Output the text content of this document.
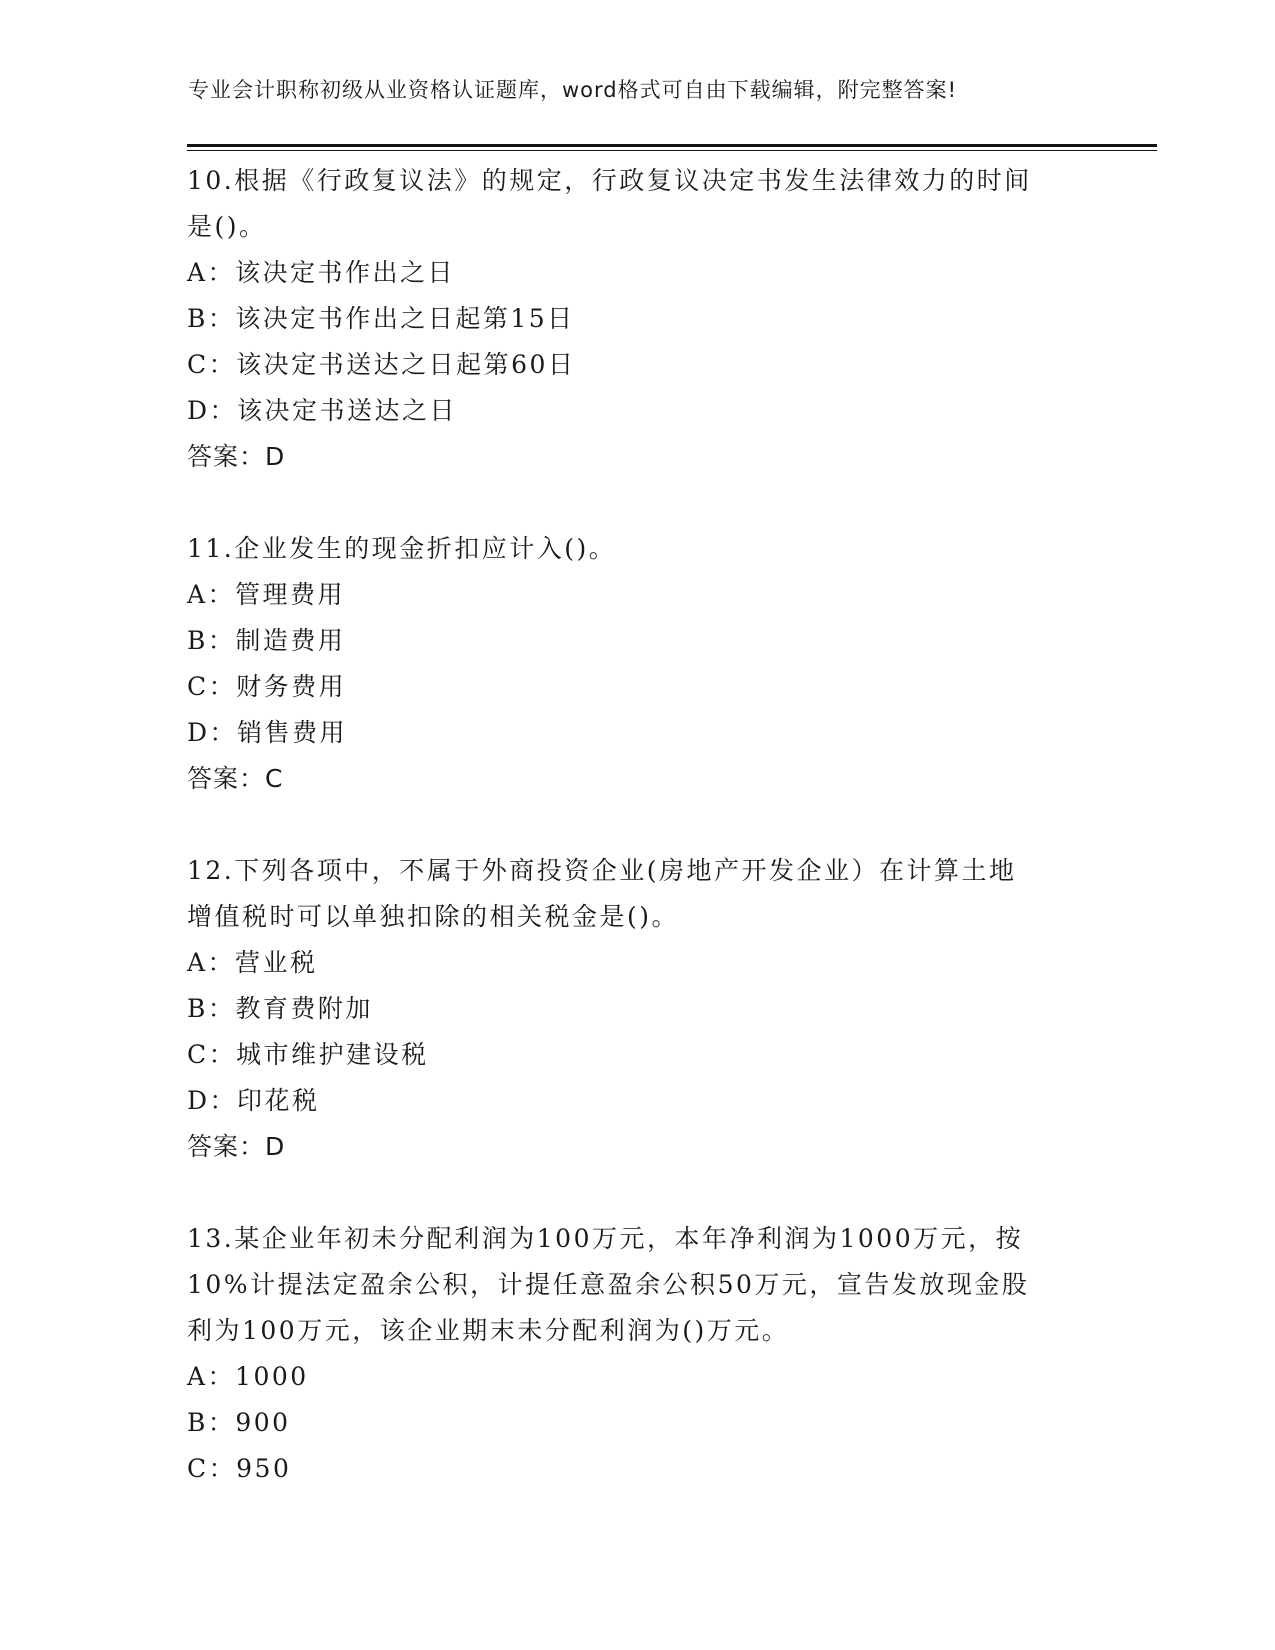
专业会计职称初级从业资格认证题库，word格式可自由下载编辑，附完整答案!
10.根据《行政复议法》的规定，行政复议决定书发生法律效力的时间
是()。
A：该决定书作出之日
B：该决定书作出之日起第15日
C：该决定书送达之日起第60日
D：该决定书送达之日
答案：D
11.企业发生的现金折扣应计入()。
A：管理费用
B：制造费用
C：财务费用
D：销售费用
答案：C
12.下列各项中，不属于外商投资企业(房地产开发企业）在计算土地
增值税时可以单独扣除的相关税金是()。
A：营业税
B：教育费附加
C：城市维护建设税
D：印花税
答案：D
13.某企业年初未分配利润为100万元，本年净利润为1000万元，按
10%计提法定盈余公积，计提任意盈余公积50万元，宣告发放现金股
利为100万元，该企业期末未分配利润为()万元。
A：1000
B：900
C：950
